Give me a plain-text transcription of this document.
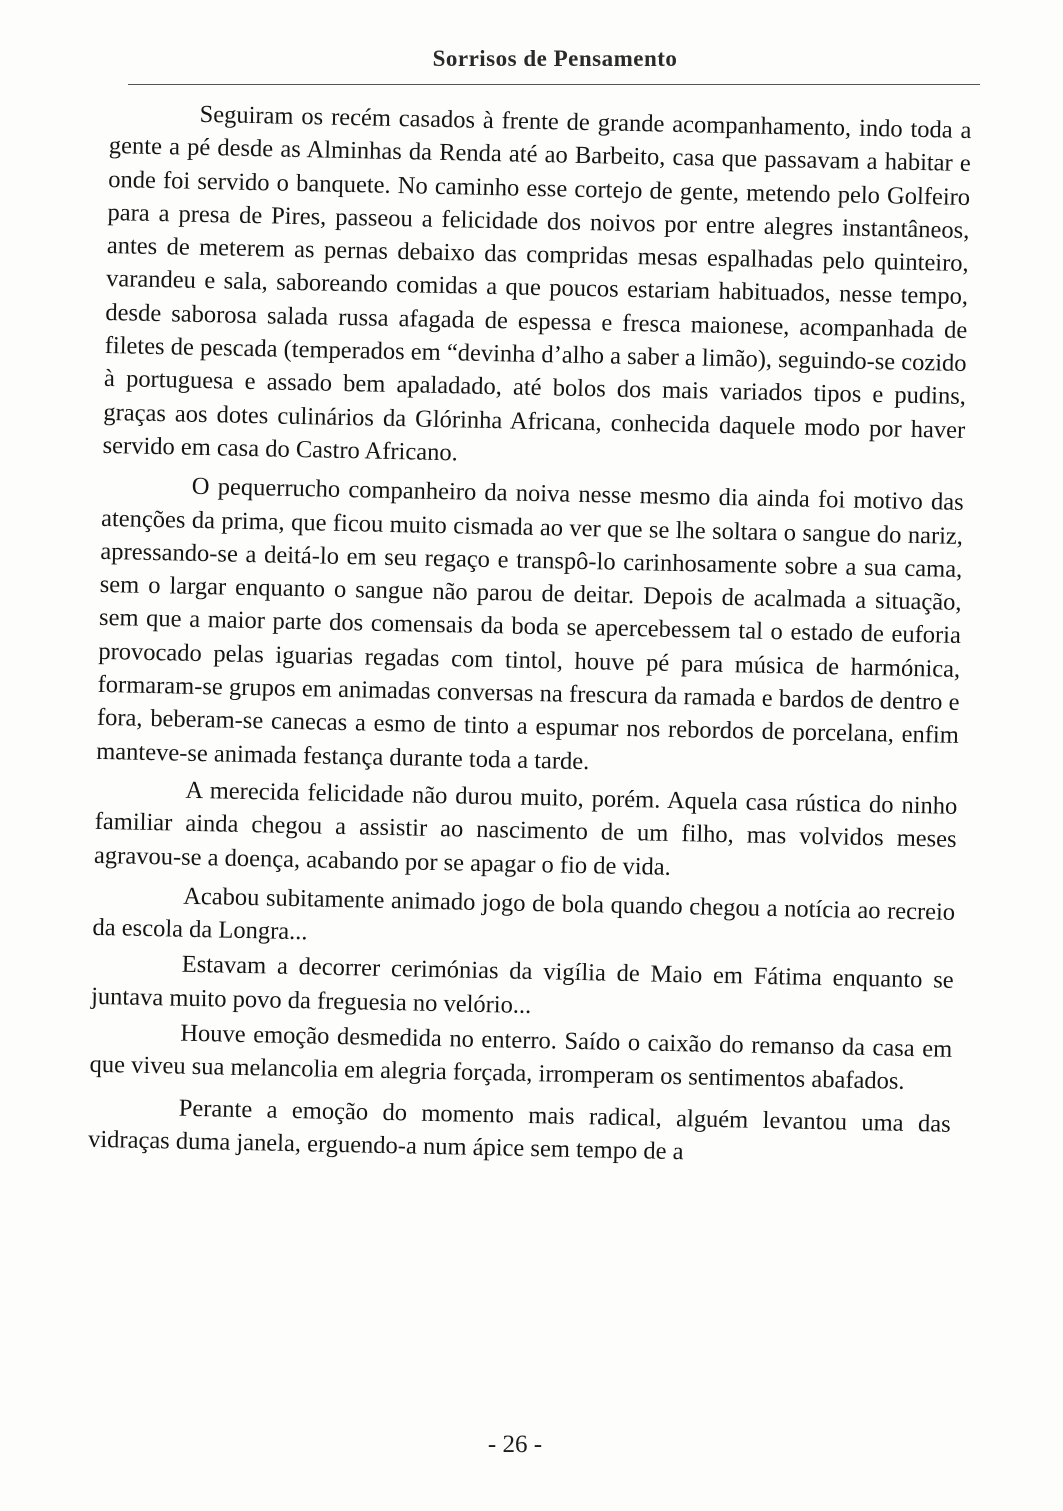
Sorrisos de Pensamento

Seguiram os recém casados à frente de grande acompanhamento, indo toda a gente a pé desde as Alminhas da Renda até ao Barbeito, casa que passavam a habitar e onde foi servido o banquete. No caminho esse cortejo de gente, metendo pelo Golfeiro para a presa de Pires, passeou a felicidade dos noivos por entre alegres instantâneos, antes de meterem as pernas debaixo das compridas mesas espalhadas pelo quinteiro, varandeu e sala, saboreando comidas a que poucos estariam habituados, nesse tempo, desde saborosa salada russa afagada de espessa e fresca maionese, acompanhada de filetes de pescada (temperados em “devinha d’alho a saber a limão), seguindo-se cozido à portuguesa e assado bem apaladado, até bolos dos mais variados tipos e pudins, graças aos dotes culinários da Glórinha Africana, conhecida daquele modo por haver servido em casa do Castro Africano.

O pequerrucho companheiro da noiva nesse mesmo dia ainda foi motivo das atenções da prima, que ficou muito cismada ao ver que se lhe soltara o sangue do nariz, apressando-se a deitá-lo em seu regaço e transpô-lo carinhosamente sobre a sua cama, sem o largar enquanto o sangue não parou de deitar. Depois de acalmada a situação, sem que a maior parte dos comensais da boda se apercebessem tal o estado de euforia provocado pelas iguarias regadas com tintol, houve pé para música de harmónica, formaram-se grupos em animadas conversas na frescura da ramada e bardos de dentro e fora, beberam-se canecas a esmo de tinto a espumar nos rebordos de porcelana, enfim manteve-se animada festança durante toda a tarde.

A merecida felicidade não durou muito, porém. Aquela casa rústica do ninho familiar ainda chegou a assistir ao nascimento de um filho, mas volvidos meses agravou-se a doença, acabando por se apagar o fio de vida.

Acabou subitamente animado jogo de bola quando chegou a notícia ao recreio da escola da Longra...

Estavam a decorrer cerimónias da vigília de Maio em Fátima enquanto se juntava muito povo da freguesia no velório...

Houve emoção desmedida no enterro. Saído o caixão do remanso da casa em que viveu sua melancolia em alegria forçada, irromperam os sentimentos abafados.

Perante a emoção do momento mais radical, alguém levantou uma das vidraças duma janela, erguendo-a num ápice sem tempo de a

- 26 -
